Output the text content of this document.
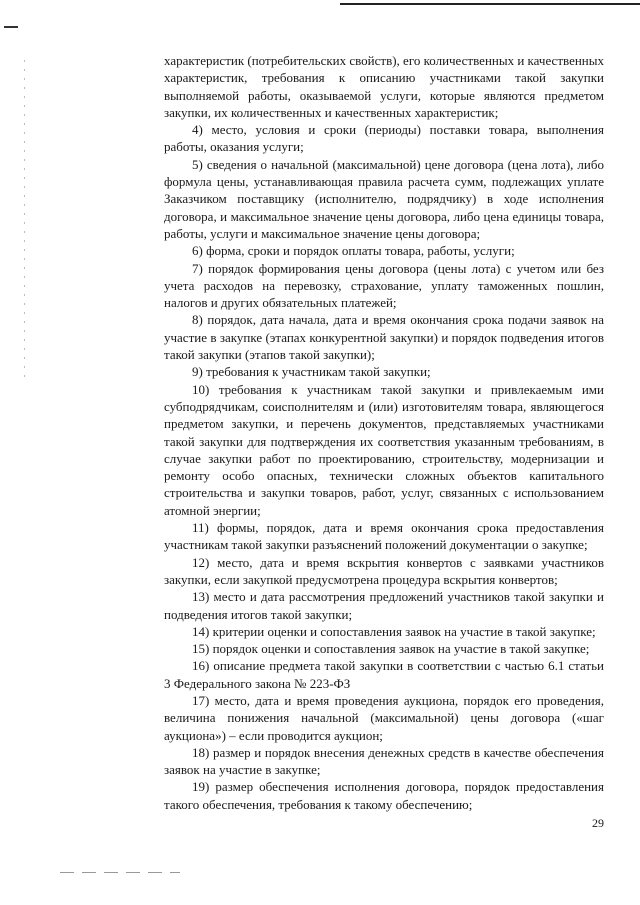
характеристик (потребительских свойств), его количественных и качественных характеристик, требования к описанию участниками такой закупки выполняемой работы, оказываемой услуги, которые являются предметом закупки, их количественных и качественных характеристик;

4) место, условия и сроки (периоды) поставки товара, выполнения работы, оказания услуги;

5) сведения о начальной (максимальной) цене договора (цена лота), либо формула цены, устанавливающая правила расчета сумм, подлежащих уплате Заказчиком поставщику (исполнителю, подрядчику) в ходе исполнения договора, и максимальное значение цены договора, либо цена единицы товара, работы, услуги и максимальное значение цены договора;

6) форма, сроки и порядок оплаты товара, работы, услуги;

7) порядок формирования цены договора (цены лота) с учетом или без учета расходов на перевозку, страхование, уплату таможенных пошлин, налогов и других обязательных платежей;

8) порядок, дата начала, дата и время окончания срока подачи заявок на участие в закупке (этапах конкурентной закупки) и порядок подведения итогов такой закупки (этапов такой закупки);

9) требования к участникам такой закупки;

10) требования к участникам такой закупки и привлекаемым ими субподрядчикам, соисполнителям и (или) изготовителям товара, являющегося предметом закупки, и перечень документов, представляемых участниками такой закупки для подтверждения их соответствия указанным требованиям, в случае закупки работ по проектированию, строительству, модернизации и ремонту особо опасных, технически сложных объектов капитального строительства и закупки товаров, работ, услуг, связанных с использованием атомной энергии;

11) формы, порядок, дата и время окончания срока предоставления участникам такой закупки разъяснений положений документации о закупке;

12) место, дата и время вскрытия конвертов с заявками участников закупки, если закупкой предусмотрена процедура вскрытия конвертов;

13) место и дата рассмотрения предложений участников такой закупки и подведения итогов такой закупки;

14) критерии оценки и сопоставления заявок на участие в такой закупке;

15) порядок оценки и сопоставления заявок на участие в такой закупке;

16) описание предмета такой закупки в соответствии с частью 6.1 статьи 3 Федерального закона № 223-ФЗ

17) место, дата и время проведения аукциона, порядок его проведения, величина понижения начальной (максимальной) цены договора («шаг аукциона») – если проводится аукцион;

18) размер и порядок внесения денежных средств в качестве обеспечения заявок на участие в закупке;

19) размер обеспечения исполнения договора, порядок предоставления такого обеспечения, требования к такому обеспечению;

29
